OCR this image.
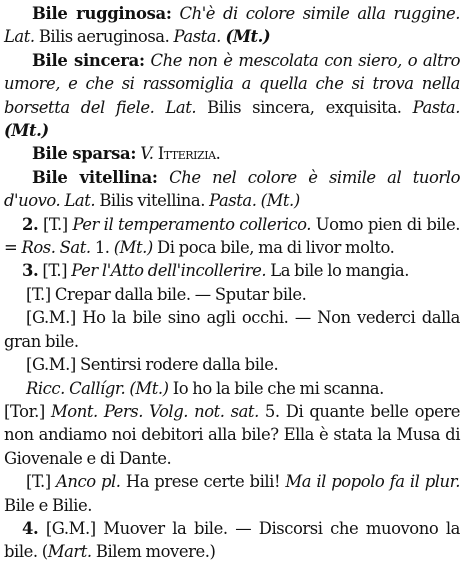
Bile rugginosa: Ch'è di colore simile alla ruggine. Lat. Bilis aeruginosa. Pasta. (Mt.)

Bile sincera: Che non è mescolata con siero, o altro umore, e che si rassomiglia a quella che si trova nella borsetta del fiele. Lat. Bilis sincera, exquisita. Pasta. (Mt.)

Bile sparsa: V. Itterizia.

Bile vitellina: Che nel colore è simile al tuorlo d'uovo. Lat. Bilis vitellina. Pasta. (Mt.)

2. [T.] Per il temperamento collerico. Uomo pien di bile. = Ros. Sat. 1. (Mt.) Di poca bile, ma di livor molto.

3. [T.] Per l'Atto dell'incollerire. La bile lo mangia.

[T.] Crepar dalla bile. — Sputar bile.

[G.M.] Ho la bile sino agli occhi. — Non vederci dalla gran bile.

[G.M.] Sentirsi rodere dalla bile.

Ricc. Callígr. (Mt.) Io ho la bile che mi scanna.

[Tor.] Mont. Pers. Volg. not. sat. 5. Di quante belle opere non andiamo noi debitori alla bile? Ella è stata la Musa di Giovenale e di Dante.

[T.] Anco pl. Ha prese certe bili! Ma il popolo fa il plur. Bile e Bilie.

4. [G.M.] Muover la bile. — Discorsi che muovono la bile. (Mart. Bilem movere.)
